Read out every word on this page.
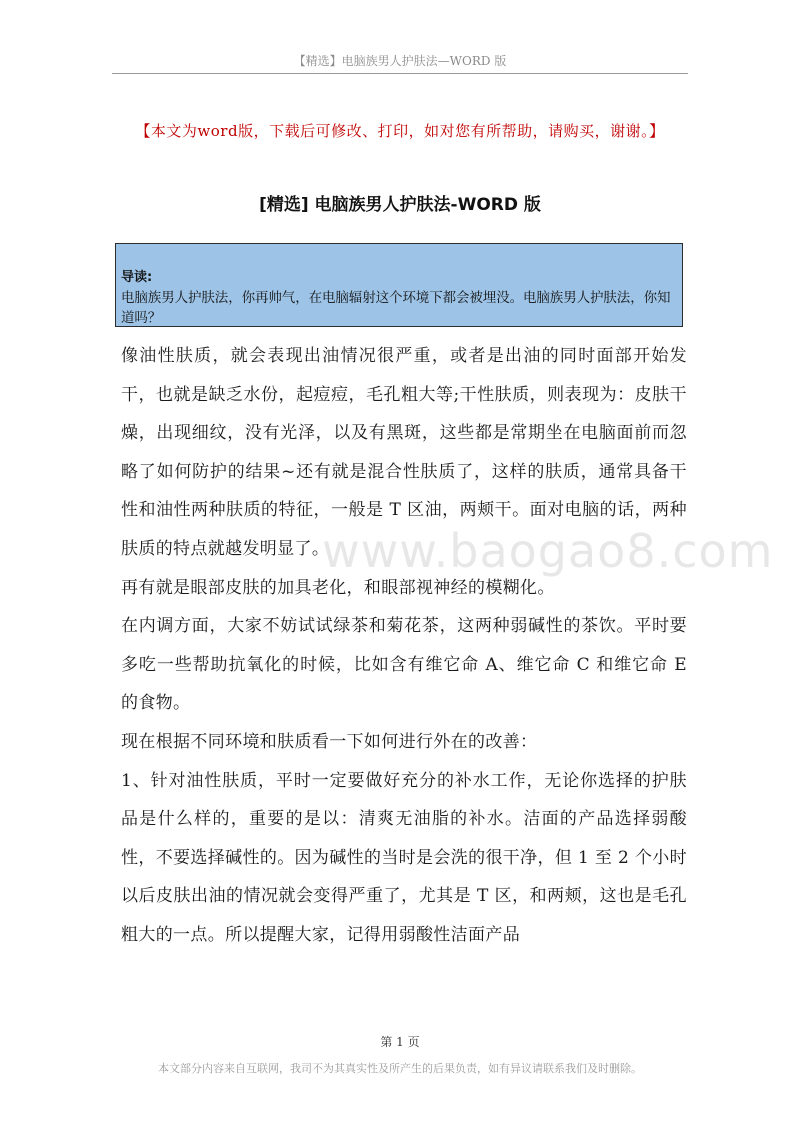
【精选】电脑族男人护肤法—WORD 版
【本文为word版，下载后可修改、打印，如对您有所帮助，请购买，谢谢。】
[精选] 电脑族男人护肤法-WORD 版
导读:
电脑族男人护肤法，你再帅气，在电脑辐射这个环境下都会被埋没。电脑族男人护肤法，你知道吗？
www.baogao8.com

像油性肤质，就会表现出油情况很严重，或者是出油的同时面部开始发干，也就是缺乏水份，起痘痘，毛孔粗大等;干性肤质，则表现为：皮肤干燥，出现细纹，没有光泽，以及有黑斑，这些都是常期坐在电脑面前而忽略了如何防护的结果~还有就是混合性肤质了，这样的肤质，通常具备干性和油性两种肤质的特征，一般是 T 区油，两颊干。面对电脑的话，两种肤质的特点就越发明显了。

再有就是眼部皮肤的加具老化，和眼部视神经的模糊化。

在内调方面，大家不妨试试绿茶和菊花茶，这两种弱碱性的茶饮。平时要多吃一些帮助抗氧化的时候，比如含有维它命 A、维它命 C 和维它命 E 的食物。

现在根据不同环境和肤质看一下如何进行外在的改善：

1、针对油性肤质，平时一定要做好充分的补水工作，无论你选择的护肤品是什么样的，重要的是以：清爽无油脂的补水。洁面的产品选择弱酸性，不要选择碱性的。因为碱性的当时是会洗的很干净，但 1 至 2 个小时以后皮肤出油的情况就会变得严重了，尤其是 T 区，和两颊，这也是毛孔粗大的一点。所以提醒大家，记得用弱酸性洁面产品

第 1 页
本文部分内容来自互联网，我司不为其真实性及所产生的后果负责，如有异议请联系我们及时删除。
